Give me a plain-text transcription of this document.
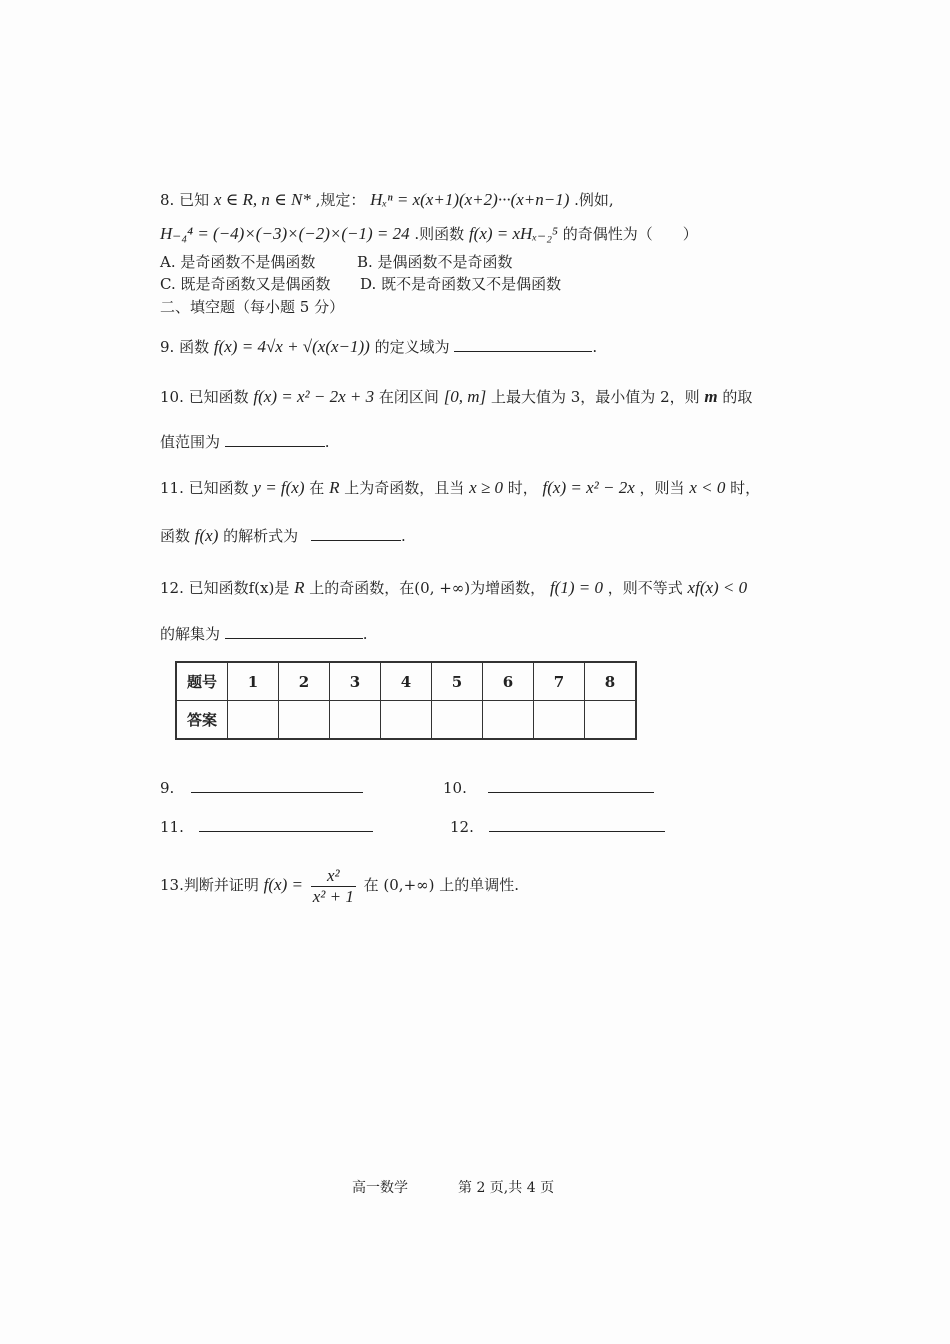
8. 已知 x ∈ R, n ∈ N* ,规定： Hₓⁿ = x(x+1)(x+2)···(x+n−1) .例如,
H₋₄⁴ = (−4)×(−3)×(−2)×(−1) = 24 .则函数 f(x) = xHₓ₋₂⁵ 的奇偶性为（　　）
A. 是奇函数不是偶函数	B. 是偶函数不是奇函数
C. 既是奇函数又是偶函数 D. 既不是奇函数又不是偶函数
二、填空题（每小题 5 分）
9. 函数 f(x) = 4√x + √(x(x−1)) 的定义域为	.
10. 已知函数 f(x) = x² − 2x + 3 在闭区间 [0, m] 上最大值为 3，最小值为 2，则 m 的取
值范围为	.
11. 已知函数 y = f(x) 在 R 上为奇函数，且当 x ≥ 0 时， f(x) = x² − 2x ，则当 x < 0 时，
函数 f(x) 的解析式为	.
12. 已知函数f(x)是 R 上的奇函数，在(0, +∞)为增函数， f(1) = 0 ，则不等式 xf(x) < 0
的解集为	.
题号	1	2	3	4	5	6	7	8
答案								
9.	10.
11.	12.
13.判断并证明 $f(x) = \frac{\text{x²}}{\text{x² + 1}}$ 在 (0,+∞) 上的单调性.
高一数学	第 2 页,共 4 页
